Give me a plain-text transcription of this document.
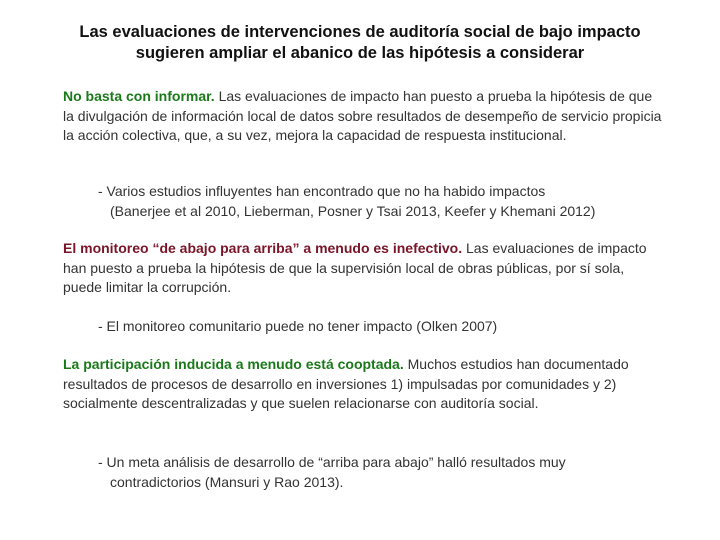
Las evaluaciones de intervenciones de auditoría social de bajo impacto
sugieren ampliar el abanico de las hipótesis a considerar
No basta con informar. Las evaluaciones de impacto han puesto a prueba la hipótesis de que la divulgación de información local de datos sobre resultados de desempeño de servicio propicia la acción colectiva, que, a su vez, mejora la capacidad de respuesta institucional.
- Varios estudios influyentes han encontrado que no ha habido impactos
(Banerjee et al 2010, Lieberman, Posner y Tsai 2013, Keefer y Khemani 2012)
El monitoreo “de abajo para arriba” a menudo es inefectivo. Las evaluaciones de impacto han puesto a prueba la hipótesis de que la supervisión local de obras públicas, por sí sola, puede limitar la corrupción.
- El monitoreo comunitario puede no tener impacto (Olken 2007)
La participación inducida a menudo está cooptada. Muchos estudios han documentado resultados de procesos de desarrollo en inversiones 1) impulsadas por comunidades y 2) socialmente descentralizadas y que suelen relacionarse con auditoría social.
- Un meta análisis de desarrollo de “arriba para abajo” halló resultados muy
contradictorios (Mansuri y Rao 2013).
